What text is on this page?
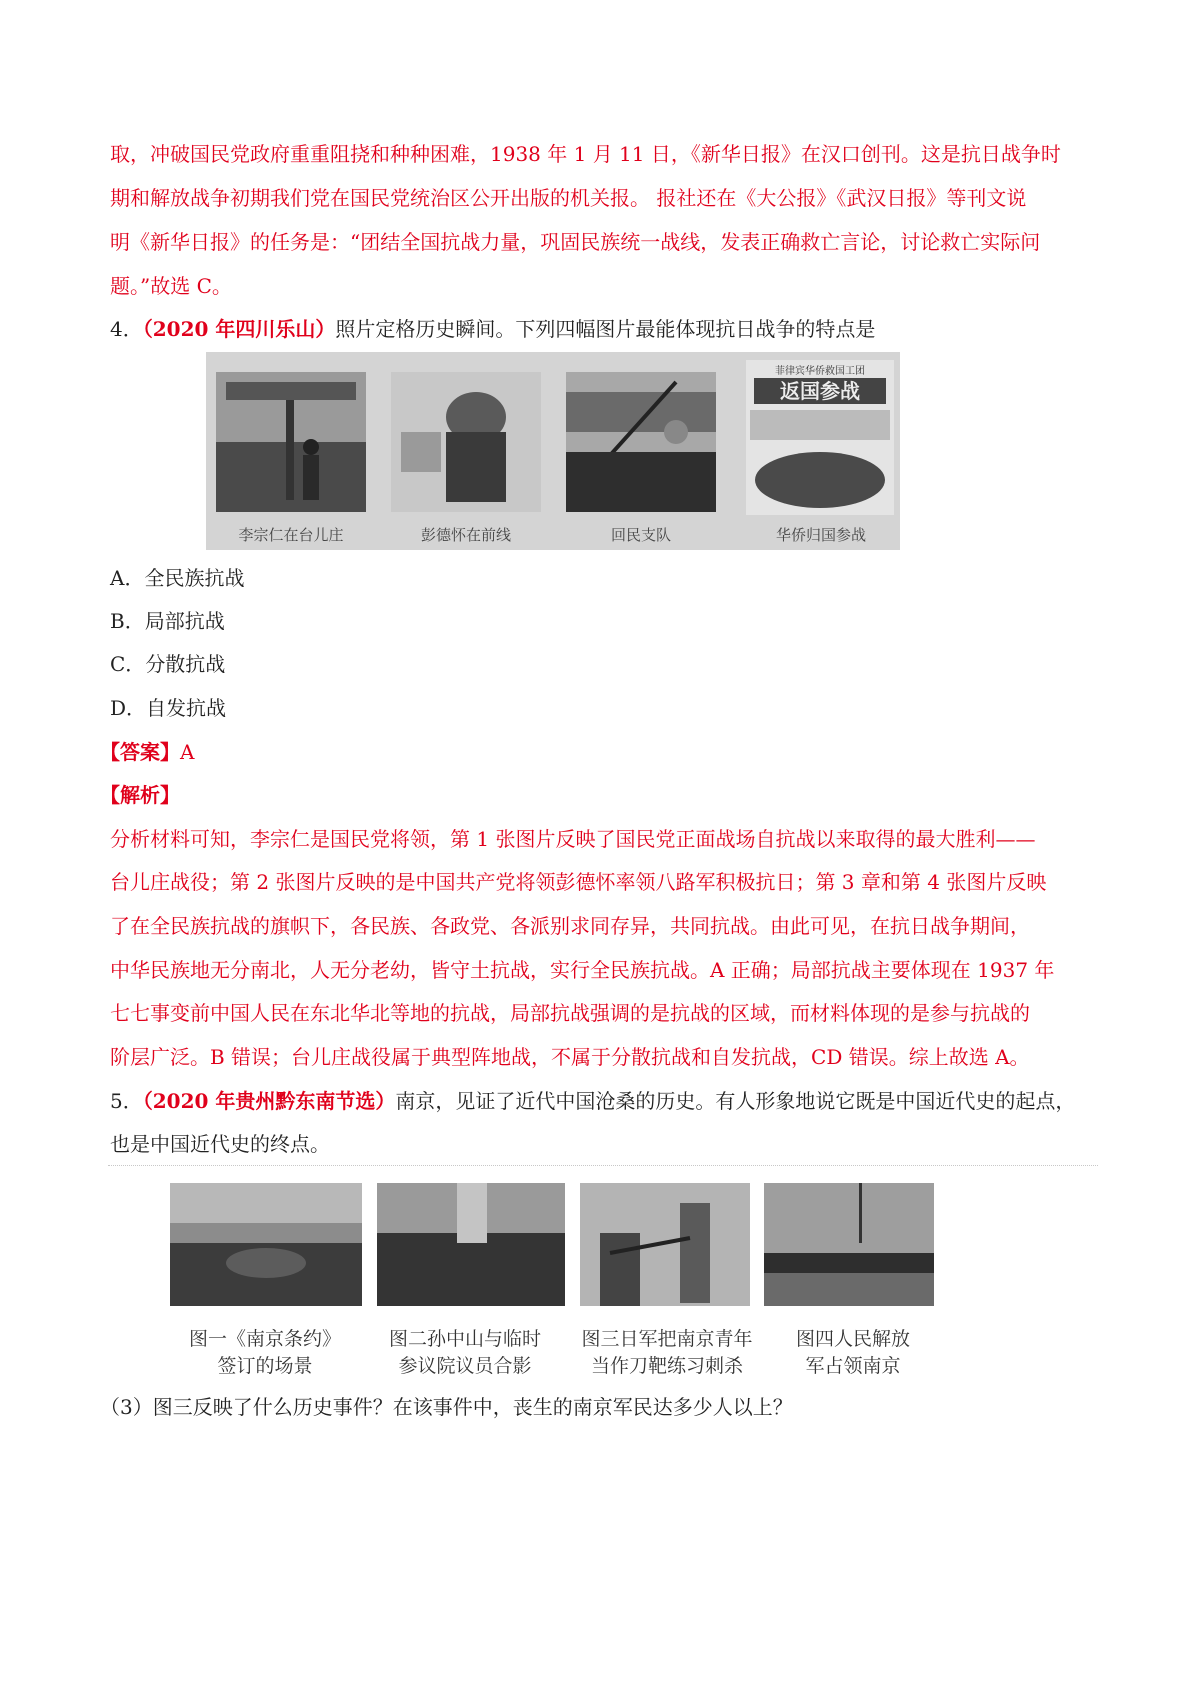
取，冲破国民党政府重重阻挠和种种困难，1938 年 1 月 11 日，《新华日报》在汉口创刊。这是抗日战争时
期和解放战争初期我们党在国民党统治区公开出版的机关报。 报社还在《大公报》《武汉日报》等刊文说
明《新华日报》的任务是：“团结全国抗战力量，巩固民族统一战线，发表正确救亡言论，讨论救亡实际问
题。”故选 C。
4．（2020 年四川乐山）照片定格历史瞬间。下列四幅图片最能体现抗日战争的特点是
李宗仁在台儿庄	彭德怀在前线	回民支队
菲律宾华侨救国工团
返国参战
华侨归国参战
A．全民族抗战
B．局部抗战
C．分散抗战
D．自发抗战
【答案】A
【解析】
分析材料可知，李宗仁是国民党将领，第 1 张图片反映了国民党正面战场自抗战以来取得的最大胜利——
台儿庄战役；第 2 张图片反映的是中国共产党将领彭德怀率领八路军积极抗日；第 3 章和第 4 张图片反映
了在全民族抗战的旗帜下，各民族、各政党、各派别求同存异，共同抗战。由此可见，在抗日战争期间，
中华民族地无分南北，人无分老幼，皆守土抗战，实行全民族抗战。A 正确；局部抗战主要体现在 1937 年
七七事变前中国人民在东北华北等地的抗战，局部抗战强调的是抗战的区域，而材料体现的是参与抗战的
阶层广泛。B 错误；台儿庄战役属于典型阵地战，不属于分散抗战和自发抗战，CD 错误。综上故选 A。
5．（2020 年贵州黔东南节选）南京，见证了近代中国沧桑的历史。有人形象地说它既是中国近代史的起点，
也是中国近代史的终点。
图一《南京条约》
签订的场景
图二孙中山与临时
参议院议员合影
图三日军把南京青年
当作刀靶练习刺杀
图四人民解放
军占领南京
（3）图三反映了什么历史事件？在该事件中，丧生的南京军民达多少人以上？
